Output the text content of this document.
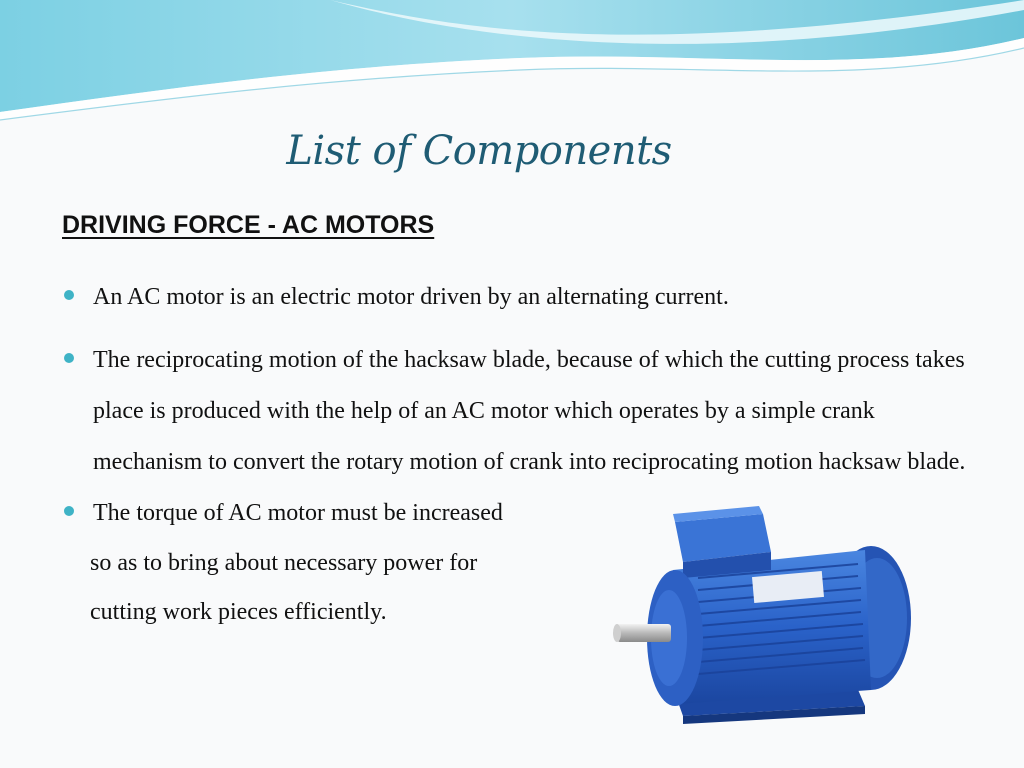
List of Components
DRIVING FORCE - AC MOTORS
An AC motor is an electric motor driven by an alternating current.
The reciprocating motion of the hacksaw blade, because of which the cutting process takes place is produced with the help of an AC motor which operates by a simple crank mechanism to convert the rotary motion of crank into reciprocating motion hacksaw blade.
The torque of AC motor must be increased
so as to bring about necessary power for
cutting work pieces efficiently.
